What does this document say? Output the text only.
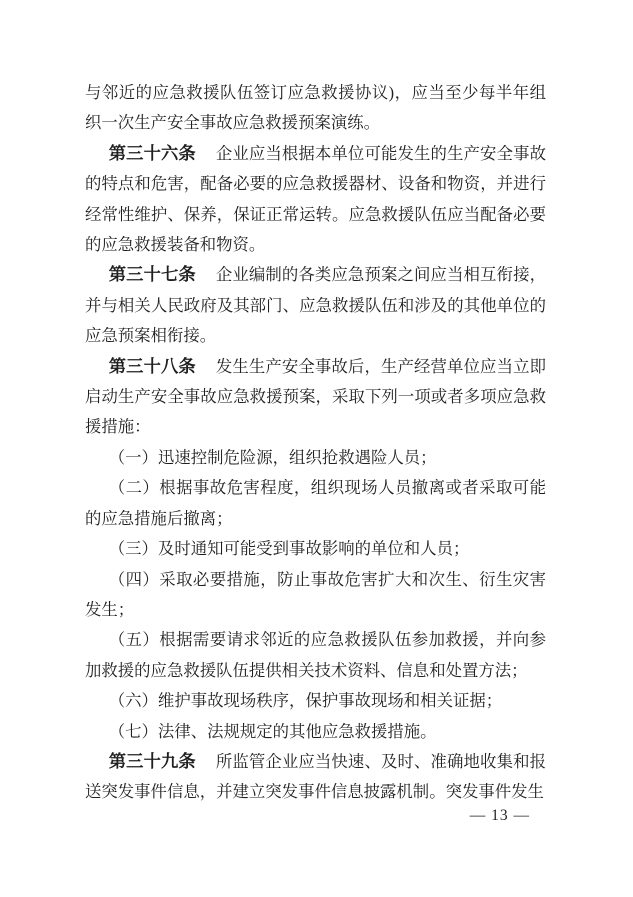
与邻近的应急救援队伍签订应急救援协议)，应当至少每半年组织一次生产安全事故应急救援预案演练。

第三十六条 企业应当根据本单位可能发生的生产安全事故的特点和危害，配备必要的应急救援器材、设备和物资，并进行经常性维护、保养，保证正常运转。应急救援队伍应当配备必要的应急救援装备和物资。

第三十七条 企业编制的各类应急预案之间应当相互衔接，并与相关人民政府及其部门、应急救援队伍和涉及的其他单位的应急预案相衔接。

第三十八条 发生生产安全事故后，生产经营单位应当立即启动生产安全事故应急救援预案，采取下列一项或者多项应急救援措施：

（一）迅速控制危险源，组织抢救遇险人员；

（二）根据事故危害程度，组织现场人员撤离或者采取可能的应急措施后撤离；

（三）及时通知可能受到事故影响的单位和人员；

（四）采取必要措施，防止事故危害扩大和次生、衍生灾害发生；

（五）根据需要请求邻近的应急救援队伍参加救援，并向参加救援的应急救援队伍提供相关技术资料、信息和处置方法；

（六）维护事故现场秩序，保护事故现场和相关证据；

（七）法律、法规规定的其他应急救援措施。

第三十九条 所监管企业应当快速、及时、准确地收集和报送突发事件信息，并建立突发事件信息披露机制。突发事件发生

— 13 —
